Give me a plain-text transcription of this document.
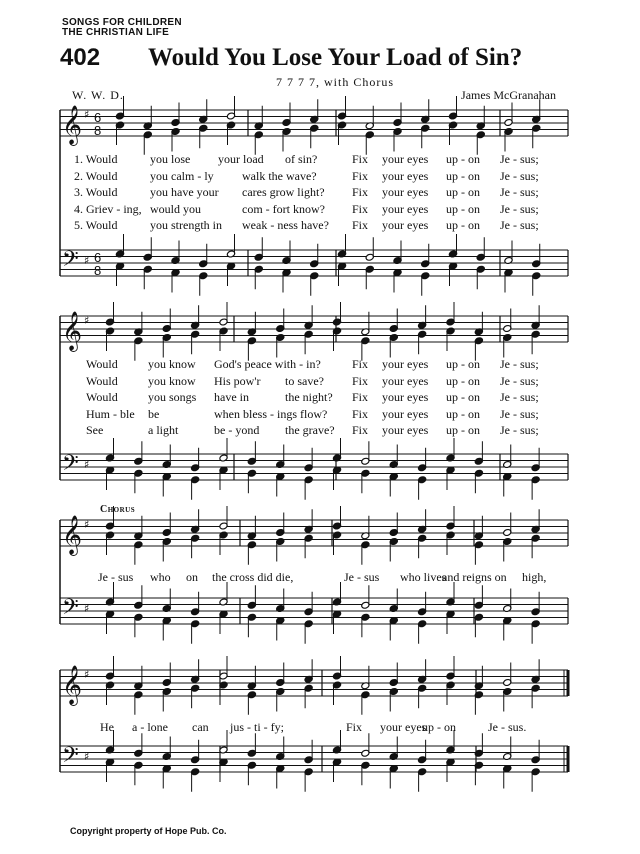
SONGS FOR CHILDREN
THE CHRISTIAN LIFE
402 Would You Lose Your Load of Sin?
7 7 7 7, with Chorus
W. W. D.	James McGranahan
𝄞
𝄢
♯
♯
6
8
6
8
𝄞
𝄢
♯
♯
𝄞
𝄢
♯
♯
𝄞
𝄢
♯
♯
1. Would	you lose your load of sin?	Fix your eyes up - on Je - sus;
2. Would	you calm - ly walk the wave?	Fix your eyes up - on Je - sus;
3. Would	you have your cares grow light? Fix your eyes up - on Je - sus;
4. Griev - ing, would you	com - fort know? Fix your eyes up - on Je - sus;
5. Would	you strength in weak - ness have? Fix your eyes up - on Je - sus;
Would	you know God's peace with - in?	Fix your eyes up - on Je - sus;
Would	you know His pow'r to save? Fix your eyes up - on Je - sus;
Would	you songs have in	the night? Fix your eyes up - on Je - sus;
Hum - ble be	when bless - ings flow? Fix your eyes up - on Je - sus;
See	a light	be - yond the grave? Fix your eyes up - on Je - sus;
Chorus
Je - sus who on the cross did die,	Je - sus who lives
and reigns on high,
He a - lone can jus - ti - fy;	Fix your eyes
up - on	Je - sus.
Copyright property of Hope Pub. Co.
